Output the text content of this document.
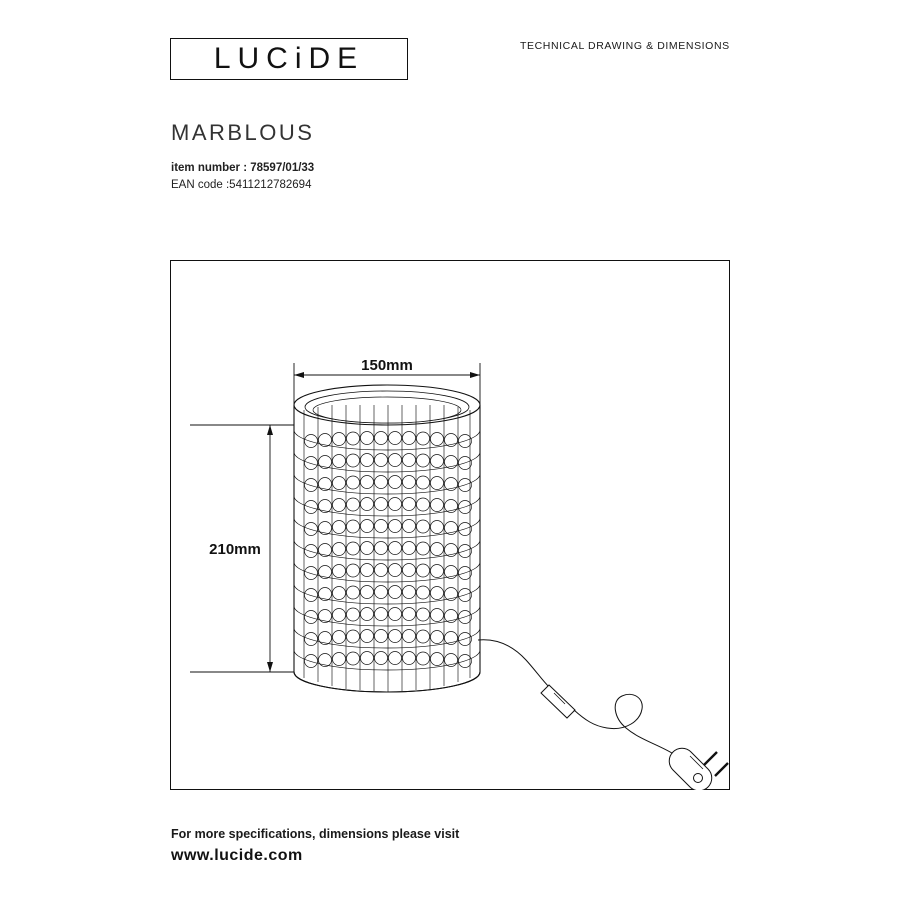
LUCiDE	TECHNICAL DRAWING & DIMENSIONS
MARBLOUS
item number : 78597/01/33
EAN code :5411212782694
150mm
210mm
For more specifications, dimensions please visit
www.lucide.com
